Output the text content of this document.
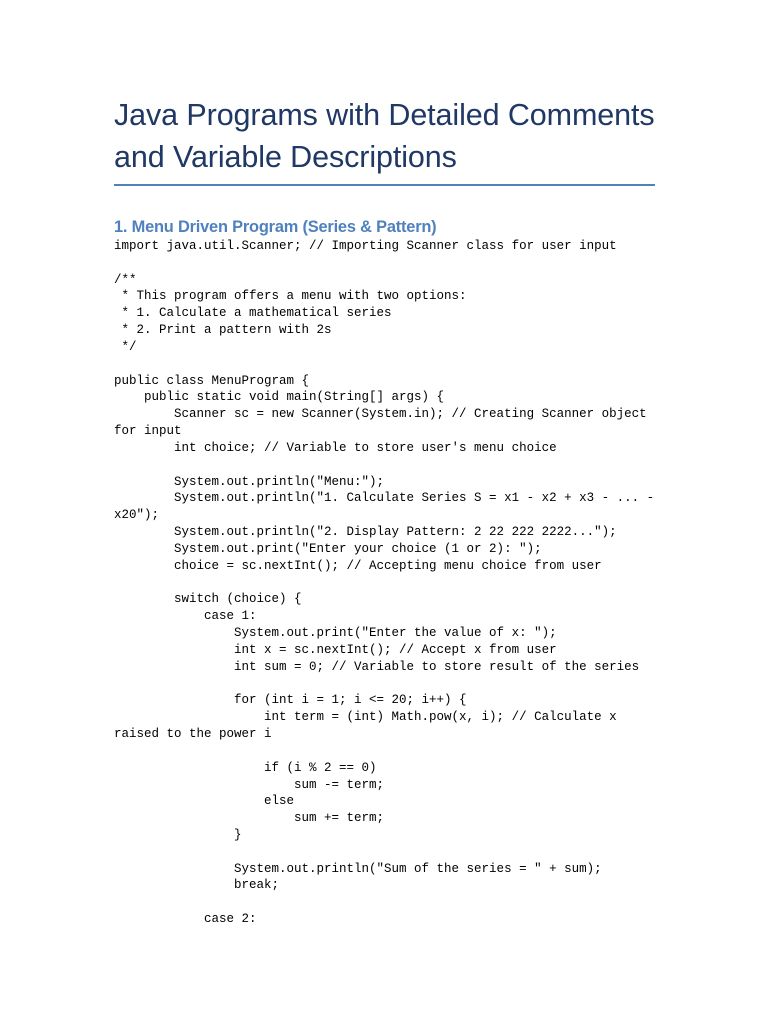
Java Programs with Detailed Comments
and Variable Descriptions
1. Menu Driven Program (Series & Pattern)
import java.util.Scanner; // Importing Scanner class for user input

/**
* This program offers a menu with two options:
* 1. Calculate a mathematical series
* 2. Print a pattern with 2s
*/

public class MenuProgram {
public static void main(String[] args) {
Scanner sc = new Scanner(System.in); // Creating Scanner object
for input
int choice; // Variable to store user's menu choice

System.out.println("Menu:");
System.out.println("1. Calculate Series S = x1 - x2 + x3 - ... -
x20");
System.out.println("2. Display Pattern: 2 22 222 2222...");
System.out.print("Enter your choice (1 or 2): ");
choice = sc.nextInt(); // Accepting menu choice from user

switch (choice) {
case 1:
System.out.print("Enter the value of x: ");
int x = sc.nextInt(); // Accept x from user
int sum = 0; // Variable to store result of the series

for (int i = 1; i <= 20; i++) {
int term = (int) Math.pow(x, i); // Calculate x
raised to the power i

if (i % 2 == 0)
sum -= term;
else
sum += term;
}

System.out.println("Sum of the series = " + sum);
break;

case 2:
